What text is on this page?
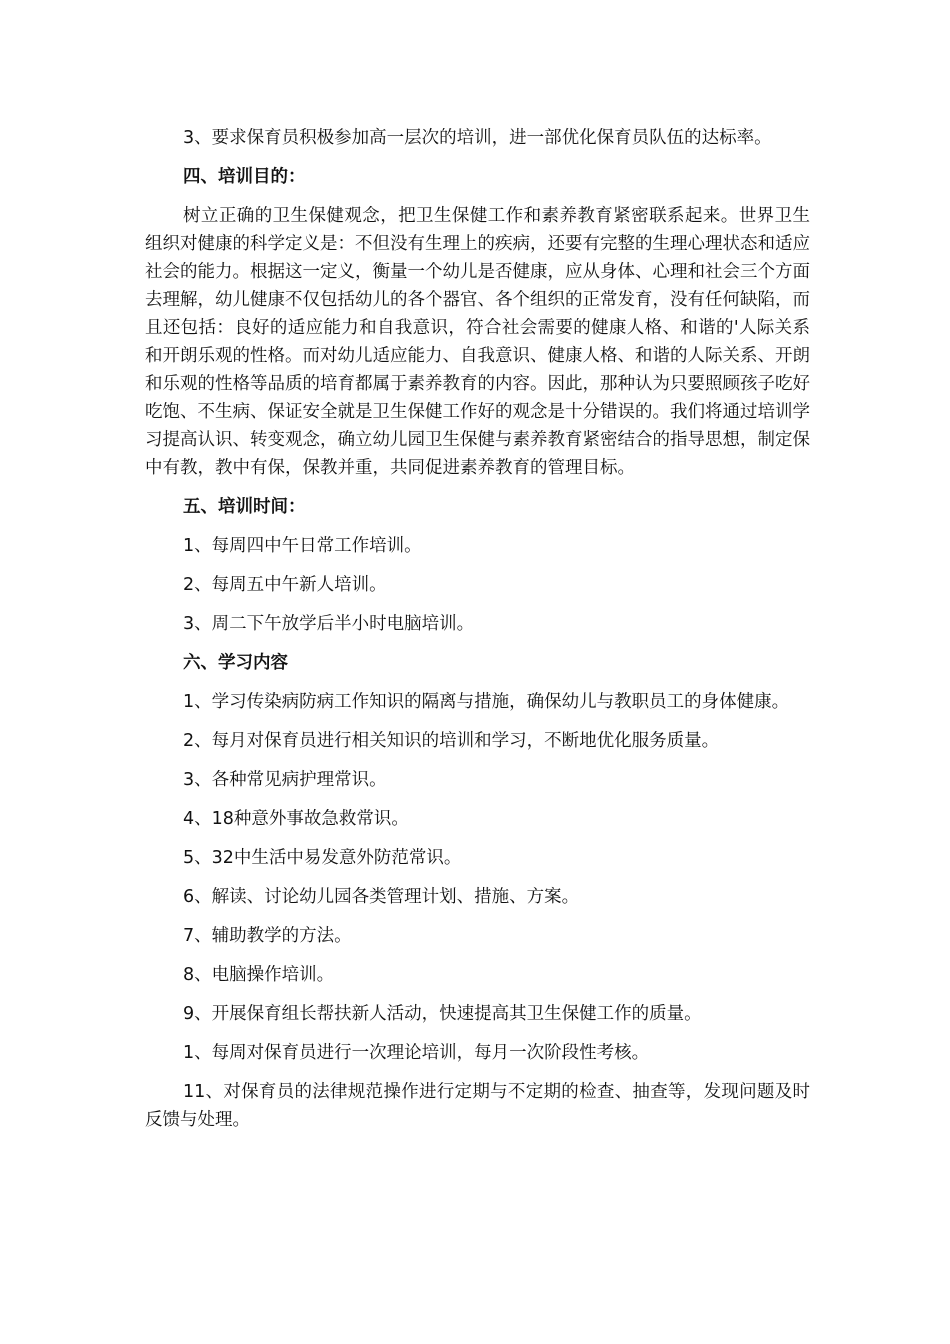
3、要求保育员积极参加高一层次的培训，进一部优化保育员队伍的达标率。

四、培训目的：

树立正确的卫生保健观念，把卫生保健工作和素养教育紧密联系起来。世界卫生组织对健康的科学定义是：不但没有生理上的疾病，还要有完整的生理心理状态和适应社会的能力。根据这一定义，衡量一个幼儿是否健康，应从身体、心理和社会三个方面去理解，幼儿健康不仅包括幼儿的各个器官、各个组织的正常发育，没有任何缺陷，而且还包括：良好的适应能力和自我意识，符合社会需要的健康人格、和谐的'人际关系和开朗乐观的性格。而对幼儿适应能力、自我意识、健康人格、和谐的人际关系、开朗和乐观的性格等品质的培育都属于素养教育的内容。因此，那种认为只要照顾孩子吃好吃饱、不生病、保证安全就是卫生保健工作好的观念是十分错误的。我们将通过培训学习提高认识、转变观念，确立幼儿园卫生保健与素养教育紧密结合的指导思想，制定保中有教，教中有保，保教并重，共同促进素养教育的管理目标。

五、培训时间：

1、每周四中午日常工作培训。

2、每周五中午新人培训。

3、周二下午放学后半小时电脑培训。

六、学习内容

1、学习传染病防病工作知识的隔离与措施，确保幼儿与教职员工的身体健康。

2、每月对保育员进行相关知识的培训和学习，不断地优化服务质量。

3、各种常见病护理常识。

4、18种意外事故急救常识。

5、32中生活中易发意外防范常识。

6、解读、讨论幼儿园各类管理计划、措施、方案。

7、辅助教学的方法。

8、电脑操作培训。

9、开展保育组长帮扶新人活动，快速提高其卫生保健工作的质量。

1、每周对保育员进行一次理论培训，每月一次阶段性考核。

11、对保育员的法律规范操作进行定期与不定期的检查、抽查等，发现问题及时反馈与处理。
